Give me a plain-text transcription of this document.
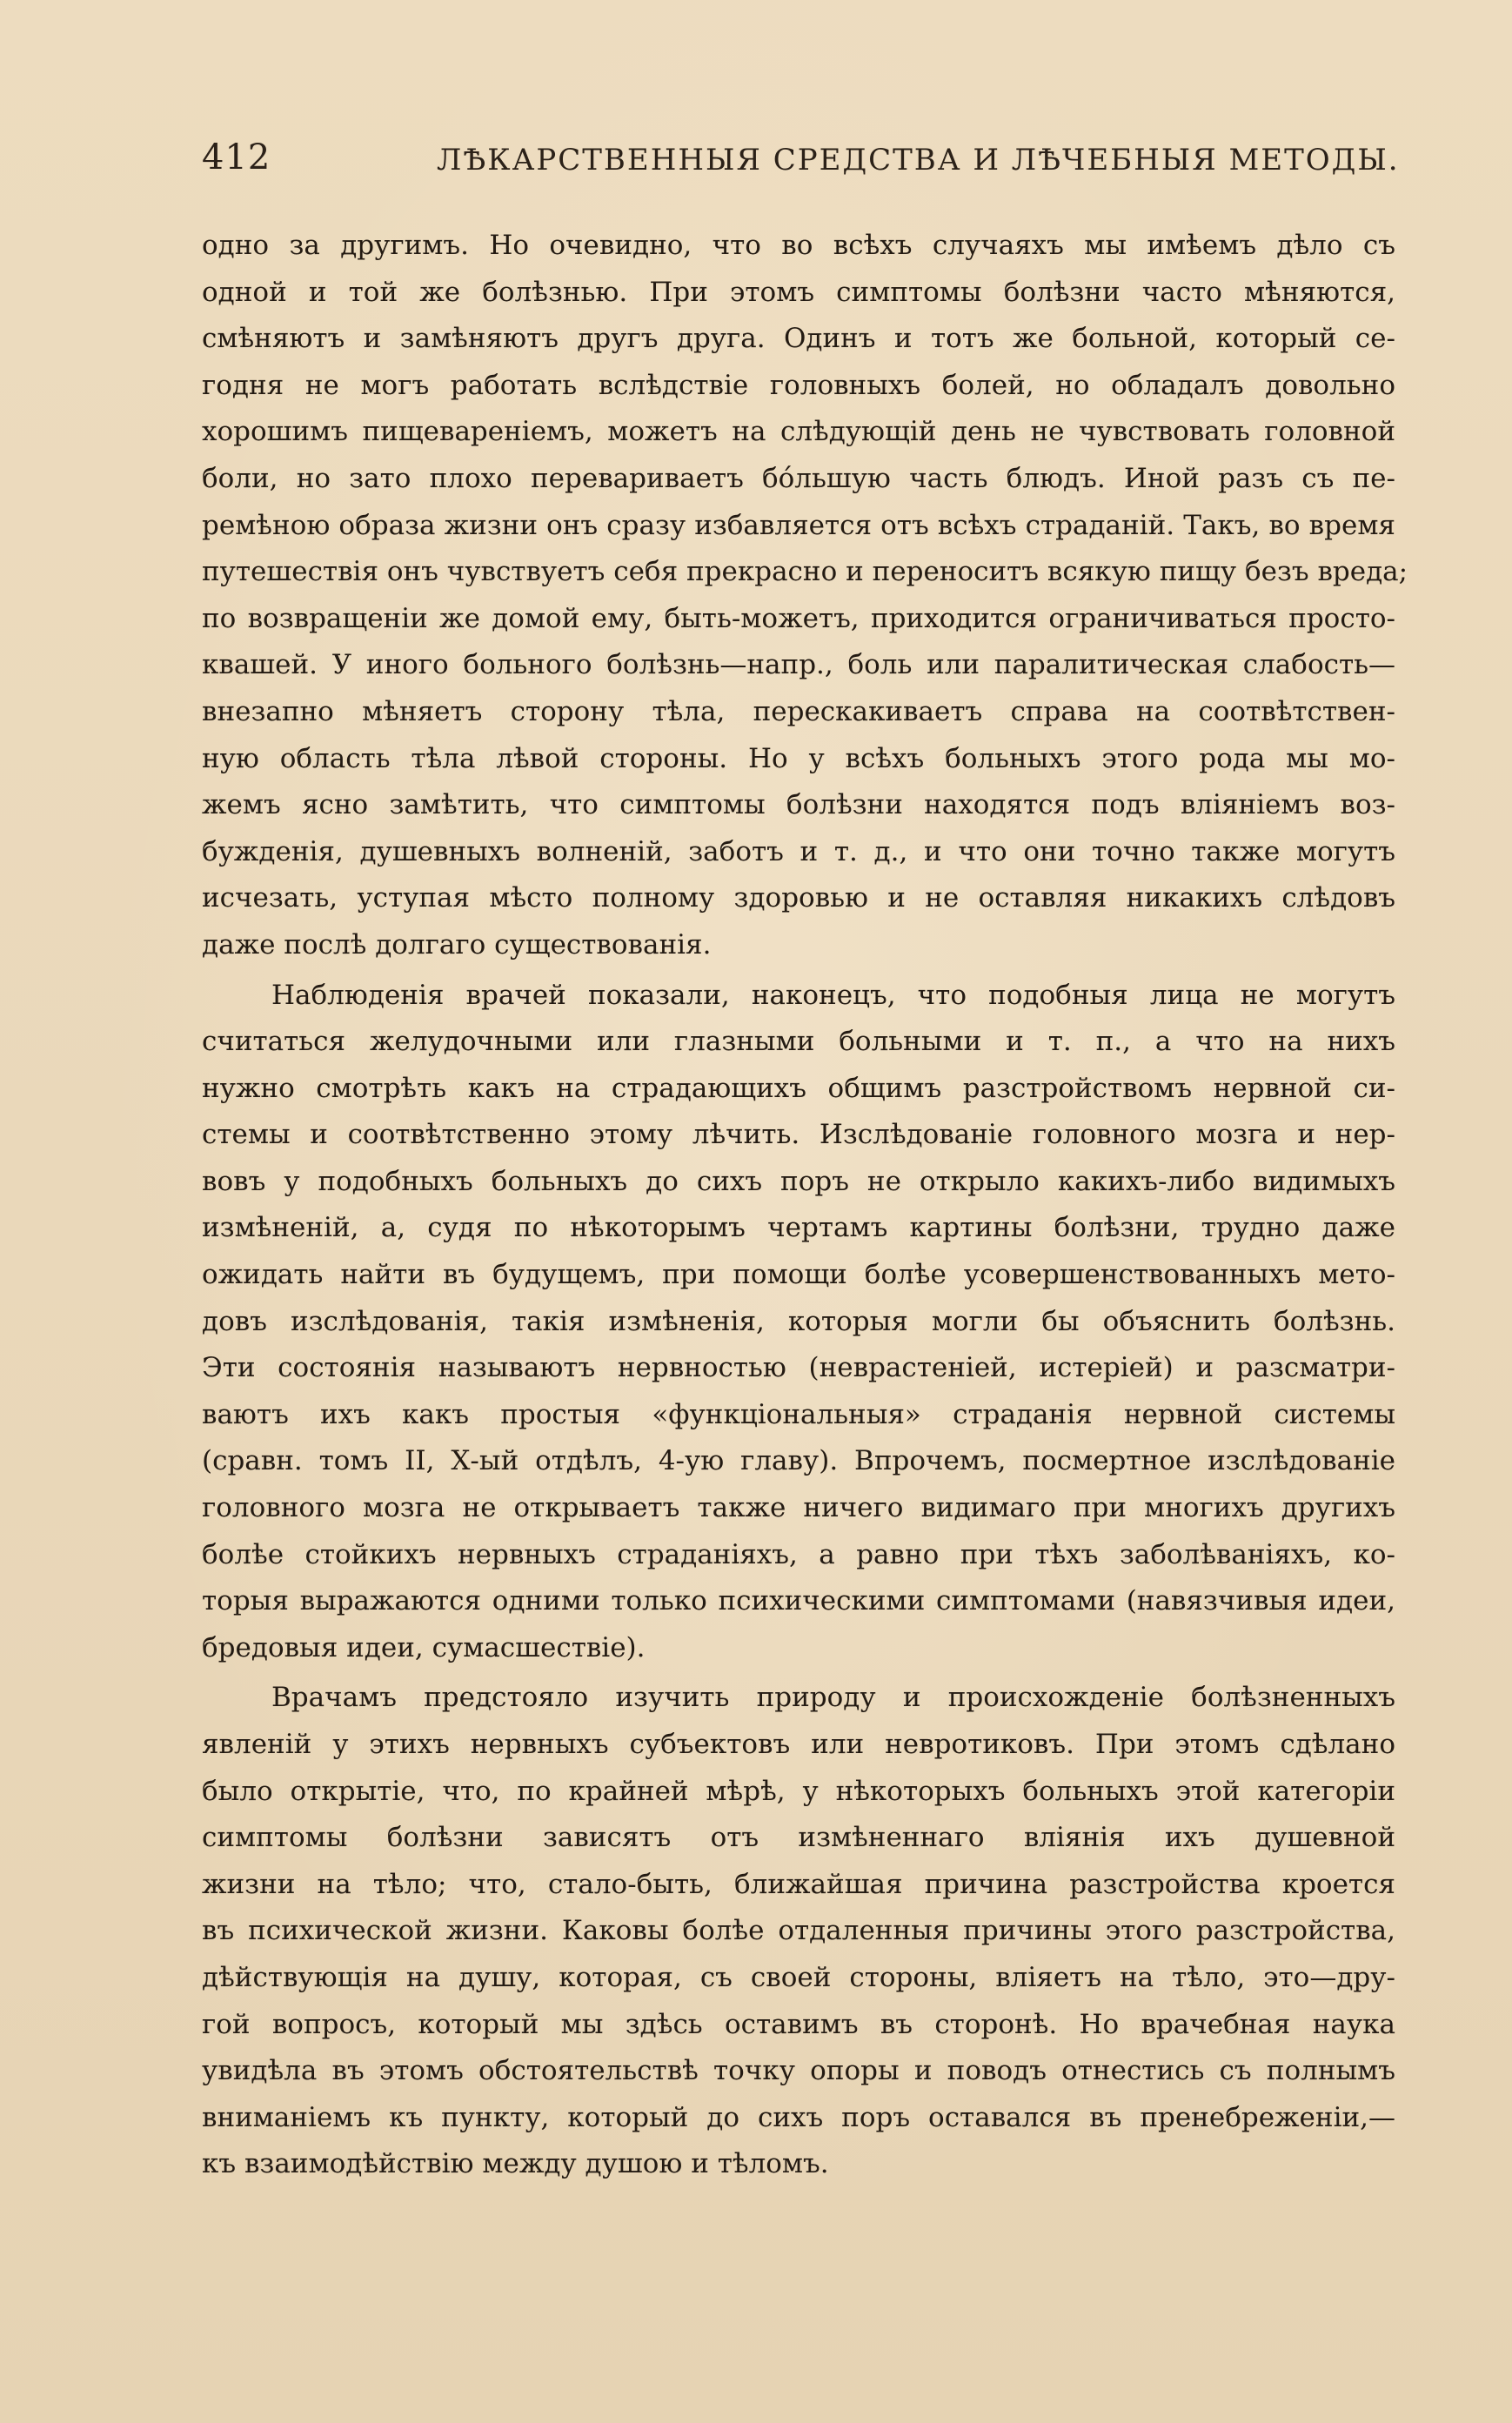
412	ЛѢКАРСТВЕННЫЯ СРЕДСТВА И ЛѢЧЕБНЫЯ МЕТОДЫ.
одно за другимъ. Но очевидно, что во всѣхъ случаяхъ мы имѣемъ дѣло съ
одной и той же болѣзнью. При этомъ симптомы болѣзни часто мѣняются,
смѣняютъ и замѣняютъ другъ друга. Одинъ и тотъ же больной, который се-
годня не могъ работать вслѣдствіе головныхъ болей, но обладалъ довольно
хорошимъ пищевареніемъ, можетъ на слѣдующій день не чувствовать головной
боли, но зато плохо перевариваетъ бо́льшую часть блюдъ. Иной разъ съ пе-
ремѣною образа жизни онъ сразу избавляется отъ всѣхъ страданій. Такъ, во время
путешествія онъ чувствуетъ себя прекрасно и переноситъ всякую пищу безъ вреда;
по возвращеніи же домой ему, быть-можетъ, приходится ограничиваться просто-
квашей. У иного больного болѣзнь—напр., боль или паралитическая слабость—
внезапно мѣняетъ сторону тѣла, перескакиваетъ справа на соотвѣтствен-
ную область тѣла лѣвой стороны. Но у всѣхъ больныхъ этого рода мы мо-
жемъ ясно замѣтить, что симптомы болѣзни находятся подъ вліяніемъ воз-
бужденія, душевныхъ волненій, заботъ и т. д., и что они точно также могутъ
исчезать, уступая мѣсто полному здоровью и не оставляя никакихъ слѣдовъ
даже послѣ долгаго существованія.
Наблюденія врачей показали, наконецъ, что подобныя лица не могутъ
считаться желудочными или глазными больными и т. п., а что на нихъ
нужно смотрѣть какъ на страдающихъ общимъ разстройствомъ нервной си-
стемы и соотвѣтственно этому лѣчить. Изслѣдованіе головного мозга и нер-
вовъ у подобныхъ больныхъ до сихъ поръ не открыло какихъ-либо видимыхъ
измѣненій, а, судя по нѣкоторымъ чертамъ картины болѣзни, трудно даже
ожидать найти въ будущемъ, при помощи болѣе усовершенствованныхъ мето-
довъ изслѣдованія, такія измѣненія, которыя могли бы объяснить болѣзнь.
Эти состоянія называютъ нервностью (неврастеніей, истеріей) и разсматри-
ваютъ ихъ какъ простыя «функціональныя» страданія нервной системы
(сравн. томъ II, Х-ый отдѣлъ, 4-ую главу). Впрочемъ, посмертное изслѣдованіе
головного мозга не открываетъ также ничего видимаго при многихъ другихъ
болѣе стойкихъ нервныхъ страданіяхъ, а равно при тѣхъ заболѣваніяхъ, ко-
торыя выражаются одними только психическими симптомами (навязчивыя идеи,
бредовыя идеи, сумасшествіе).
Врачамъ предстояло изучить природу и происхожденіе болѣзненныхъ
явленій у этихъ нервныхъ субъектовъ или невротиковъ. При этомъ сдѣлано
было открытіе, что, по крайней мѣрѣ, у нѣкоторыхъ больныхъ этой категоріи
симптомы болѣзни зависятъ отъ измѣненнаго вліянія ихъ душевной
жизни на тѣло; что, стало-быть, ближайшая причина разстройства кроется
въ психической жизни. Каковы болѣе отдаленныя причины этого разстройства,
дѣйствующія на душу, которая, съ своей стороны, вліяетъ на тѣло, это—дру-
гой вопросъ, который мы здѣсь оставимъ въ сторонѣ. Но врачебная наука
увидѣла въ этомъ обстоятельствѣ точку опоры и поводъ отнестись съ полнымъ
вниманіемъ къ пункту, который до сихъ поръ оставался въ пренебреженіи,—
къ взаимодѣйствію между душою и тѣломъ.
